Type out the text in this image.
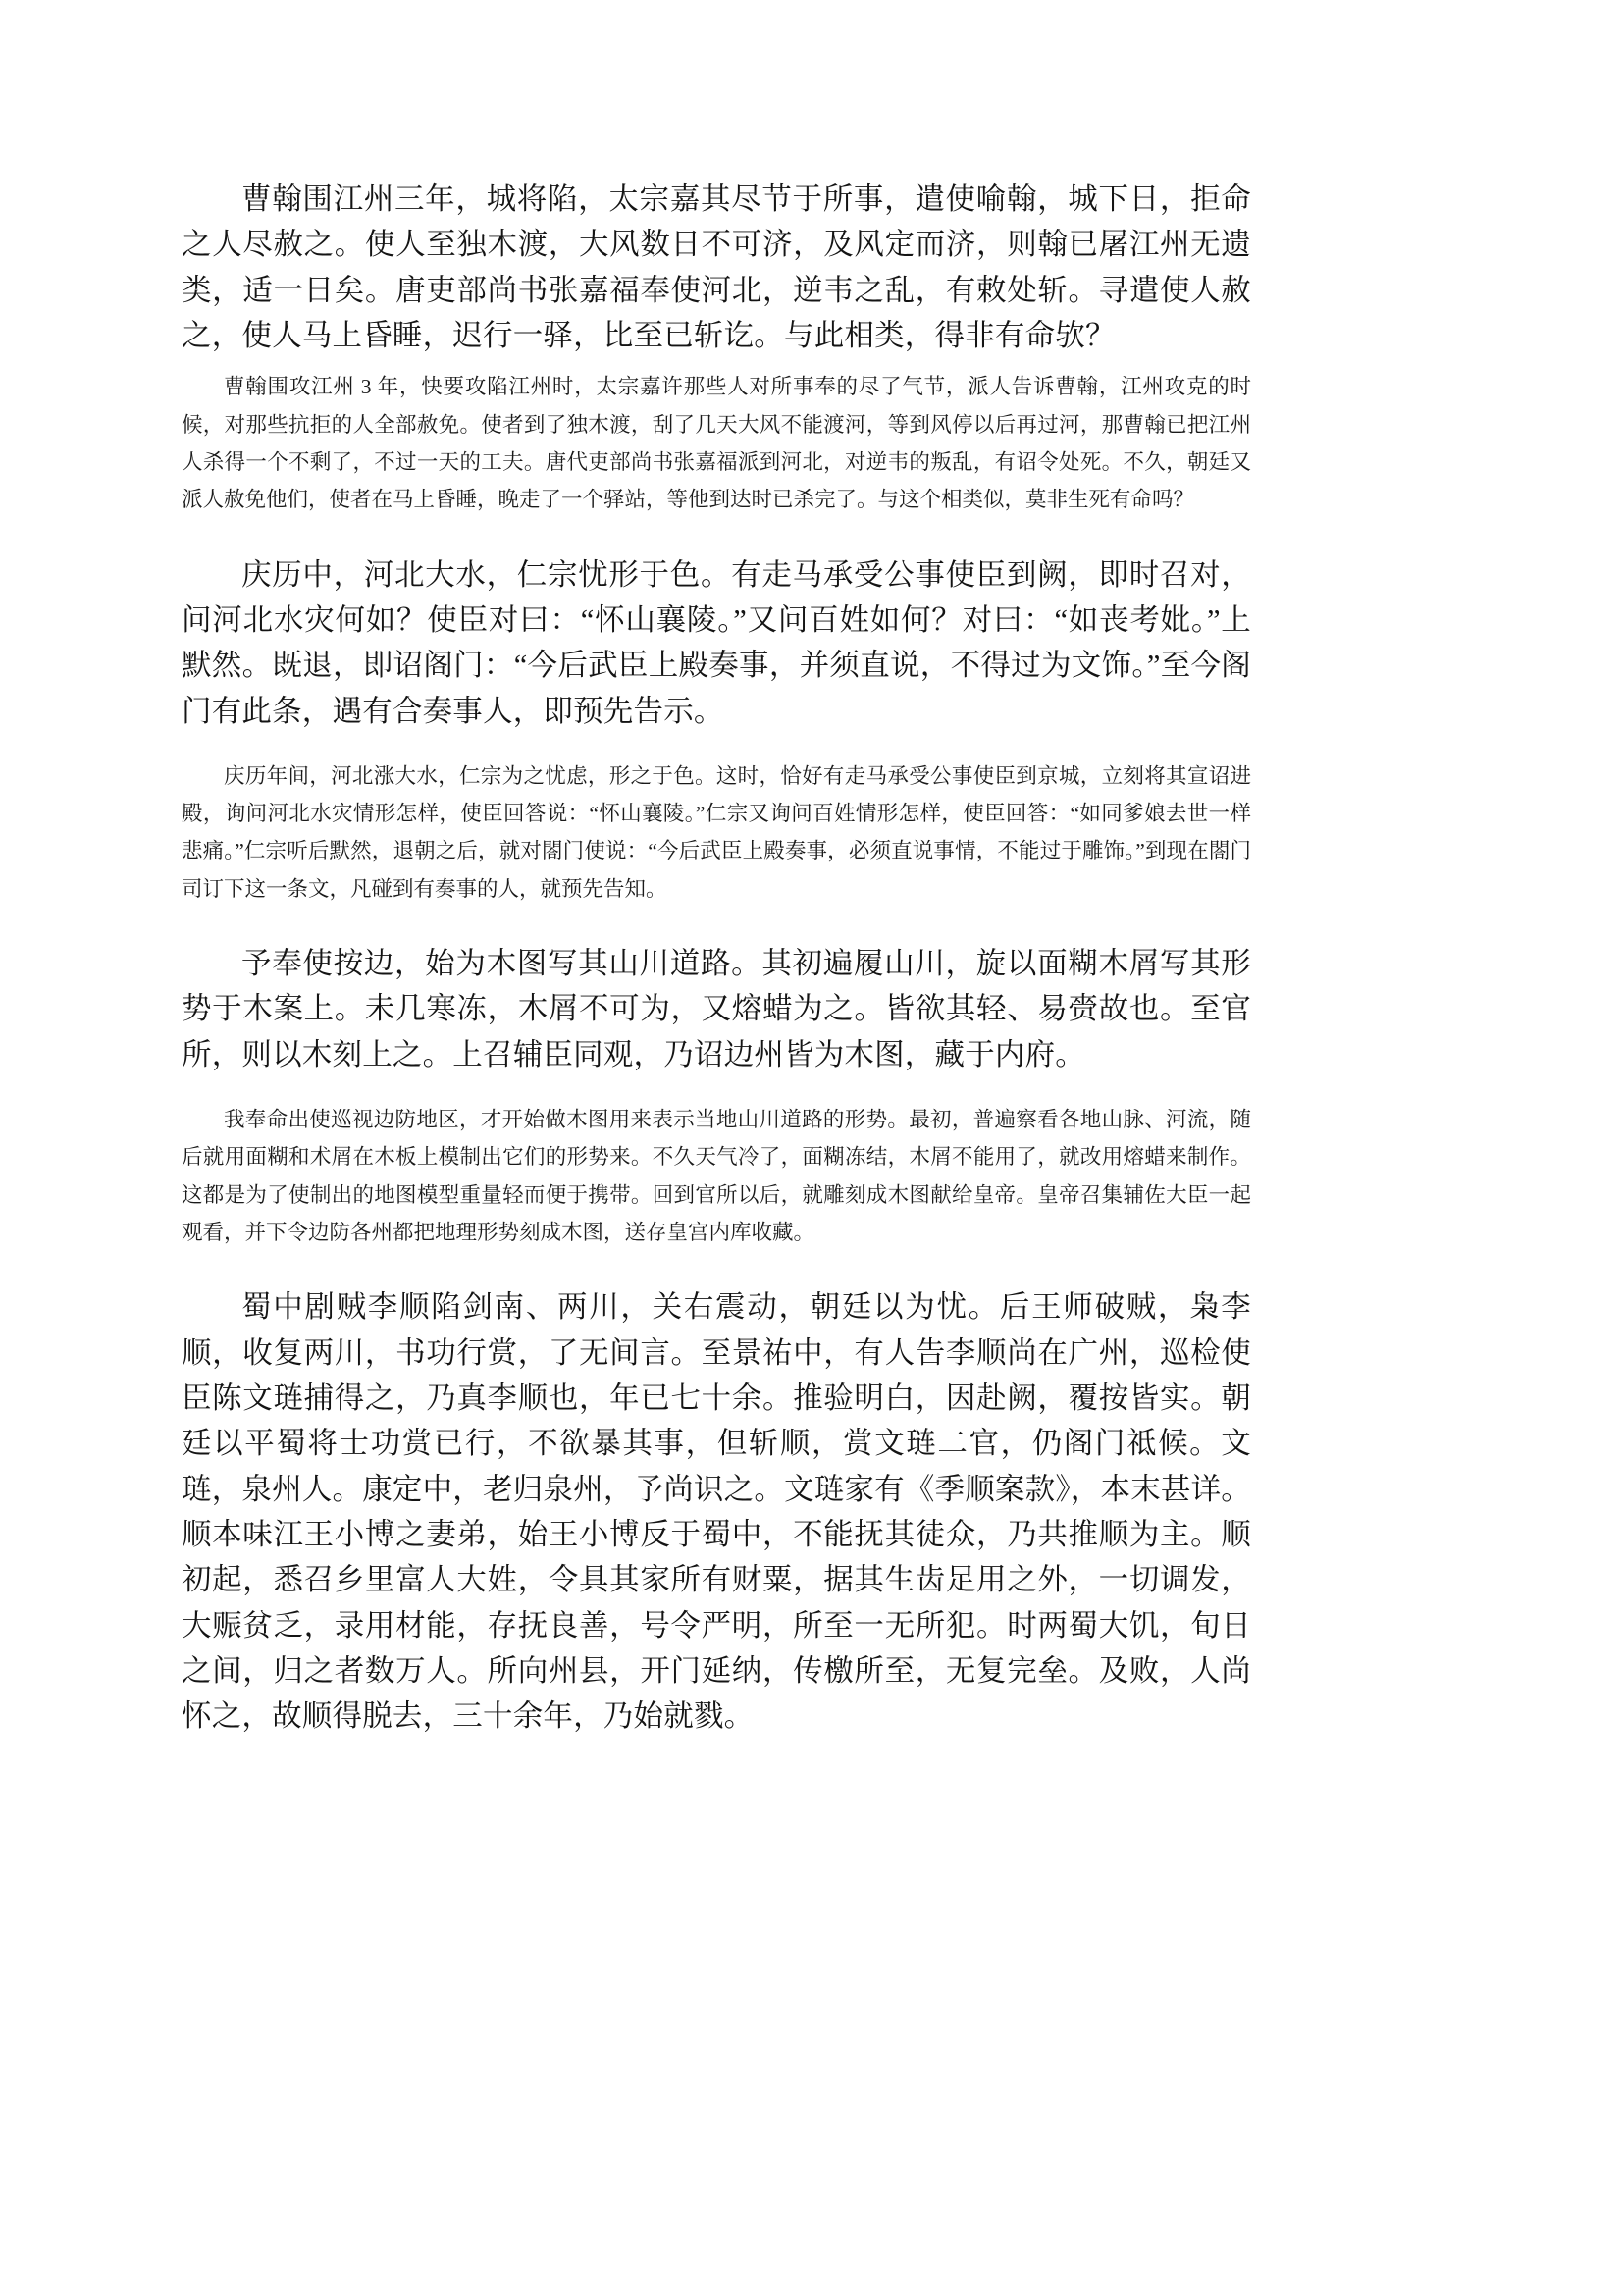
曹翰围江州三年，城将陷，太宗嘉其尽节于所事，遣使喻翰，城下日，拒命之人尽赦之。使人至独木渡，大风数日不可济，及风定而济，则翰已屠江州无遗类，适一日矣。唐吏部尚书张嘉福奉使河北，逆韦之乱，有敕处斩。寻遣使人赦之，使人马上昏睡，迟行一驿，比至已斩讫。与此相类，得非有命欤？

曹翰围攻江州 3 年，快要攻陷江州时，太宗嘉许那些人对所事奉的尽了气节，派人告诉曹翰，江州攻克的时候，对那些抗拒的人全部赦免。使者到了独木渡，刮了几天大风不能渡河，等到风停以后再过河，那曹翰已把江州人杀得一个不剩了，不过一天的工夫。唐代吏部尚书张嘉福派到河北，对逆韦的叛乱，有诏令处死。不久，朝廷又派人赦免他们，使者在马上昏睡，晚走了一个驿站，等他到达时已杀完了。与这个相类似，莫非生死有命吗？

庆历中，河北大水，仁宗忧形于色。有走马承受公事使臣到阙，即时召对，问河北水灾何如？使臣对曰：“怀山襄陵。”又问百姓如何？对曰：“如丧考妣。”上默然。既退，即诏阁门：“今后武臣上殿奏事，并须直说，不得过为文饰。”至今阁门有此条，遇有合奏事人，即预先告示。

庆历年间，河北涨大水，仁宗为之忧虑，形之于色。这时，恰好有走马承受公事使臣到京城，立刻将其宣诏进殿，询问河北水灾情形怎样，使臣回答说：“怀山襄陵。”仁宗又询问百姓情形怎样，使臣回答：“如同爹娘去世一样悲痛。”仁宗听后默然，退朝之后，就对閤门使说：“今后武臣上殿奏事，必须直说事情，不能过于雕饰。”到现在閤门司订下这一条文，凡碰到有奏事的人，就预先告知。

予奉使按边，始为木图写其山川道路。其初遍履山川，旋以面糊木屑写其形势于木案上。未几寒冻，木屑不可为，又熔蜡为之。皆欲其轻、易赍故也。至官所，则以木刻上之。上召辅臣同观，乃诏边州皆为木图，藏于内府。

我奉命出使巡视边防地区，才开始做木图用来表示当地山川道路的形势。最初，普遍察看各地山脉、河流，随后就用面糊和术屑在木板上模制出它们的形势来。不久天气冷了，面糊冻结，木屑不能用了，就改用熔蜡来制作。这都是为了使制出的地图模型重量轻而便于携带。回到官所以后，就雕刻成木图献给皇帝。皇帝召集辅佐大臣一起观看，并下令边防各州都把地理形势刻成木图，送存皇宫内库收藏。

蜀中剧贼李顺陷剑南、两川，关右震动，朝廷以为忧。后王师破贼，枭李顺，收复两川，书功行赏，了无间言。至景祐中，有人告李顺尚在广州，巡检使臣陈文琏捕得之，乃真李顺也，年已七十余。推验明白，因赴阙，覆按皆实。朝廷以平蜀将士功赏已行，不欲暴其事，但斩顺，赏文琏二官，仍阁门祗候。文琏，泉州人。康定中，老归泉州，予尚识之。文琏家有《季顺案款》，本末甚详。顺本味江王小博之妻弟，始王小博反于蜀中，不能抚其徒众，乃共推顺为主。顺初起，悉召乡里富人大姓，令具其家所有财粟，据其生齿足用之外，一切调发，大赈贫乏，录用材能，存抚良善，号令严明，所至一无所犯。时两蜀大饥，旬日之间，归之者数万人。所向州县，开门延纳，传檄所至，无复完垒。及败，人尚怀之，故顺得脱去，三十余年，乃始就戮。
